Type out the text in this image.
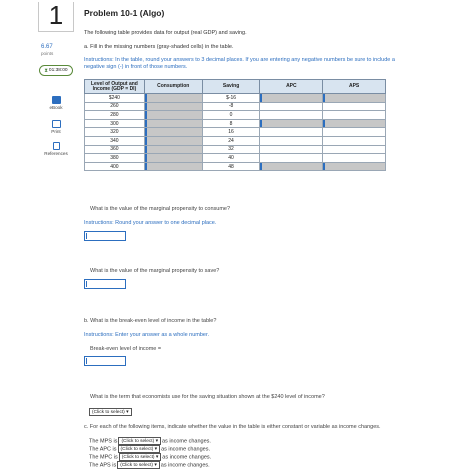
1	Problem 10-1 (Algo)
6.67
points
⧗ 01:38:00
eBook
Print
References
The following table provides data for output (real GDP) and saving.
a. Fill in the missing numbers (gray-shaded cells) in the table.
Instructions: In the table, round your answers to 3 decimal places. If you are entering any negative numbers be sure to include a
negative sign (-) in front of those numbers.
Level of Output and Income (GDP = DI)	Consumption	Saving	APC	APS
$240		$-16	

260		-8		
280		0		
300		8	

320		16		
340		24		
360		32		
380		40		
400		48	

What is the value of the marginal propensity to consume?
Instructions: Round your answer to one decimal place.
What is the value of the marginal propensity to save?
b. What is the break-even level of income in the table?
Instructions: Enter your answer as a whole number.
Break-even level of income =
What is the term that economists use for the saving situation shown at the $240 level of income?
(Click to select) ▾
c. For each of the following items, indicate whether the value in the table is either constant or variable as income changes.
The MPS is (Click to select) ▾ as income changes.
The APC is (Click to select) ▾ as income changes.
The MPC is (Click to select) ▾ as income changes.
The APS is (Click to select) ▾ as income changes.
